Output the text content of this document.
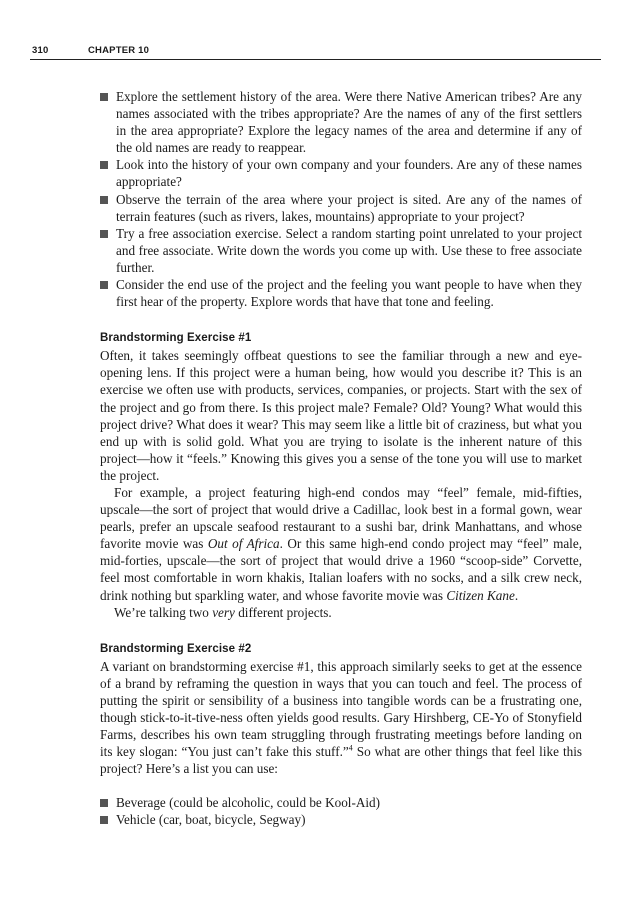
310	CHAPTER 10
Explore the settlement history of the area. Were there Native American tribes? Are any names associated with the tribes appropriate? Are the names of any of the first settlers in the area appropriate? Explore the legacy names of the area and determine if any of the old names are ready to reappear.
Look into the history of your own company and your founders. Are any of these names appropriate?
Observe the terrain of the area where your project is sited. Are any of the names of terrain features (such as rivers, lakes, mountains) appropriate to your project?
Try a free association exercise. Select a random starting point unrelated to your project and free associate. Write down the words you come up with. Use these to free associate further.
Consider the end use of the project and the feeling you want people to have when they first hear of the property. Explore words that have that tone and feeling.
Brandstorming Exercise #1

Often, it takes seemingly offbeat questions to see the familiar through a new and eye-opening lens. If this project were a human being, how would you describe it? This is an exercise we often use with products, services, companies, or projects. Start with the sex of the project and go from there. Is this project male? Female? Old? Young? What would this project drive? What does it wear? This may seem like a little bit of craziness, but what you end up with is solid gold. What you are trying to isolate is the inherent nature of this project—how it “feels.” Knowing this gives you a sense of the tone you will use to market the project.

For example, a project featuring high-end condos may “feel” female, mid-fifties, upscale—the sort of project that would drive a Cadillac, look best in a formal gown, wear pearls, prefer an upscale seafood restaurant to a sushi bar, drink Manhattans, and whose favorite movie was Out of Africa. Or this same high-end condo project may “feel” male, mid-forties, upscale—the sort of project that would drive a 1960 “scoop-side” Corvette, feel most comfortable in worn khakis, Italian loafers with no socks, and a silk crew neck, drink nothing but sparkling water, and whose favorite movie was Citizen Kane.

We’re talking two very different projects.

Brandstorming Exercise #2

A variant on brandstorming exercise #1, this approach similarly seeks to get at the essence of a brand by reframing the question in ways that you can touch and feel. The process of putting the spirit or sensibility of a business into tangible words can be a frustrating one, though stick-to-it-tive-ness often yields good results. Gary Hirshberg, CE-Yo of Stonyfield Farms, describes his own team struggling through frustrating meetings before landing on its key slogan: “You just can’t fake this stuff.”$^4$ So what are other things that feel like this project? Here’s a list you can use:

Beverage (could be alcoholic, could be Kool-Aid)
Vehicle (car, boat, bicycle, Segway)
